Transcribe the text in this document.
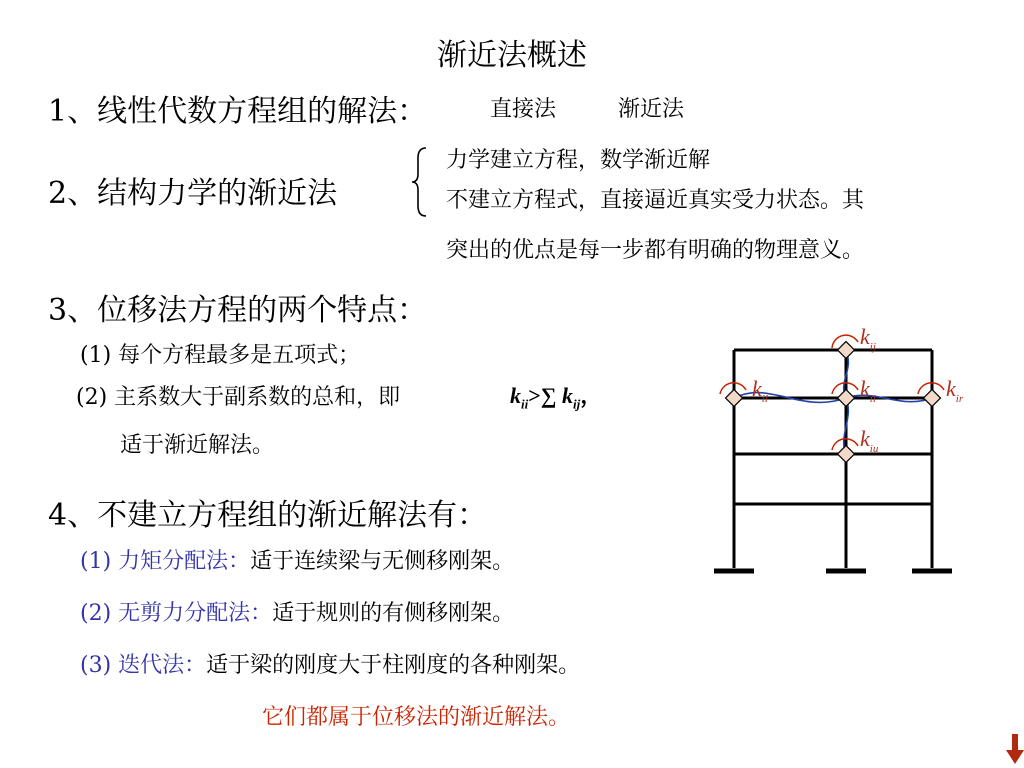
渐近法概述
1、线性代数方程组的解法：	直接法	渐近法
2、结构力学的渐近法
力学建立方程，数学渐近解
不建立方程式，直接逼近真实受力状态。其
突出的优点是每一步都有明确的物理意义。
3、位移法方程的两个特点：
(1) 每个方程最多是五项式；
(2) 主系数大于副系数的总和，即	$k_{ii}>\sum$ $k_{ij}$，
适于渐近解法。
4、不建立方程组的渐近解法有：
(1) 力矩分配法：适于连续梁与无侧移刚架。
(2) 无剪力分配法：适于规则的有侧移刚架。
(3) 迭代法：适于梁的刚度大于柱刚度的各种刚架。
它们都属于位移法的渐近解法。
$k_{ij}$
$k_{il}$	$k_{ii}$	$k_{ir}$
$k_{iu}$
